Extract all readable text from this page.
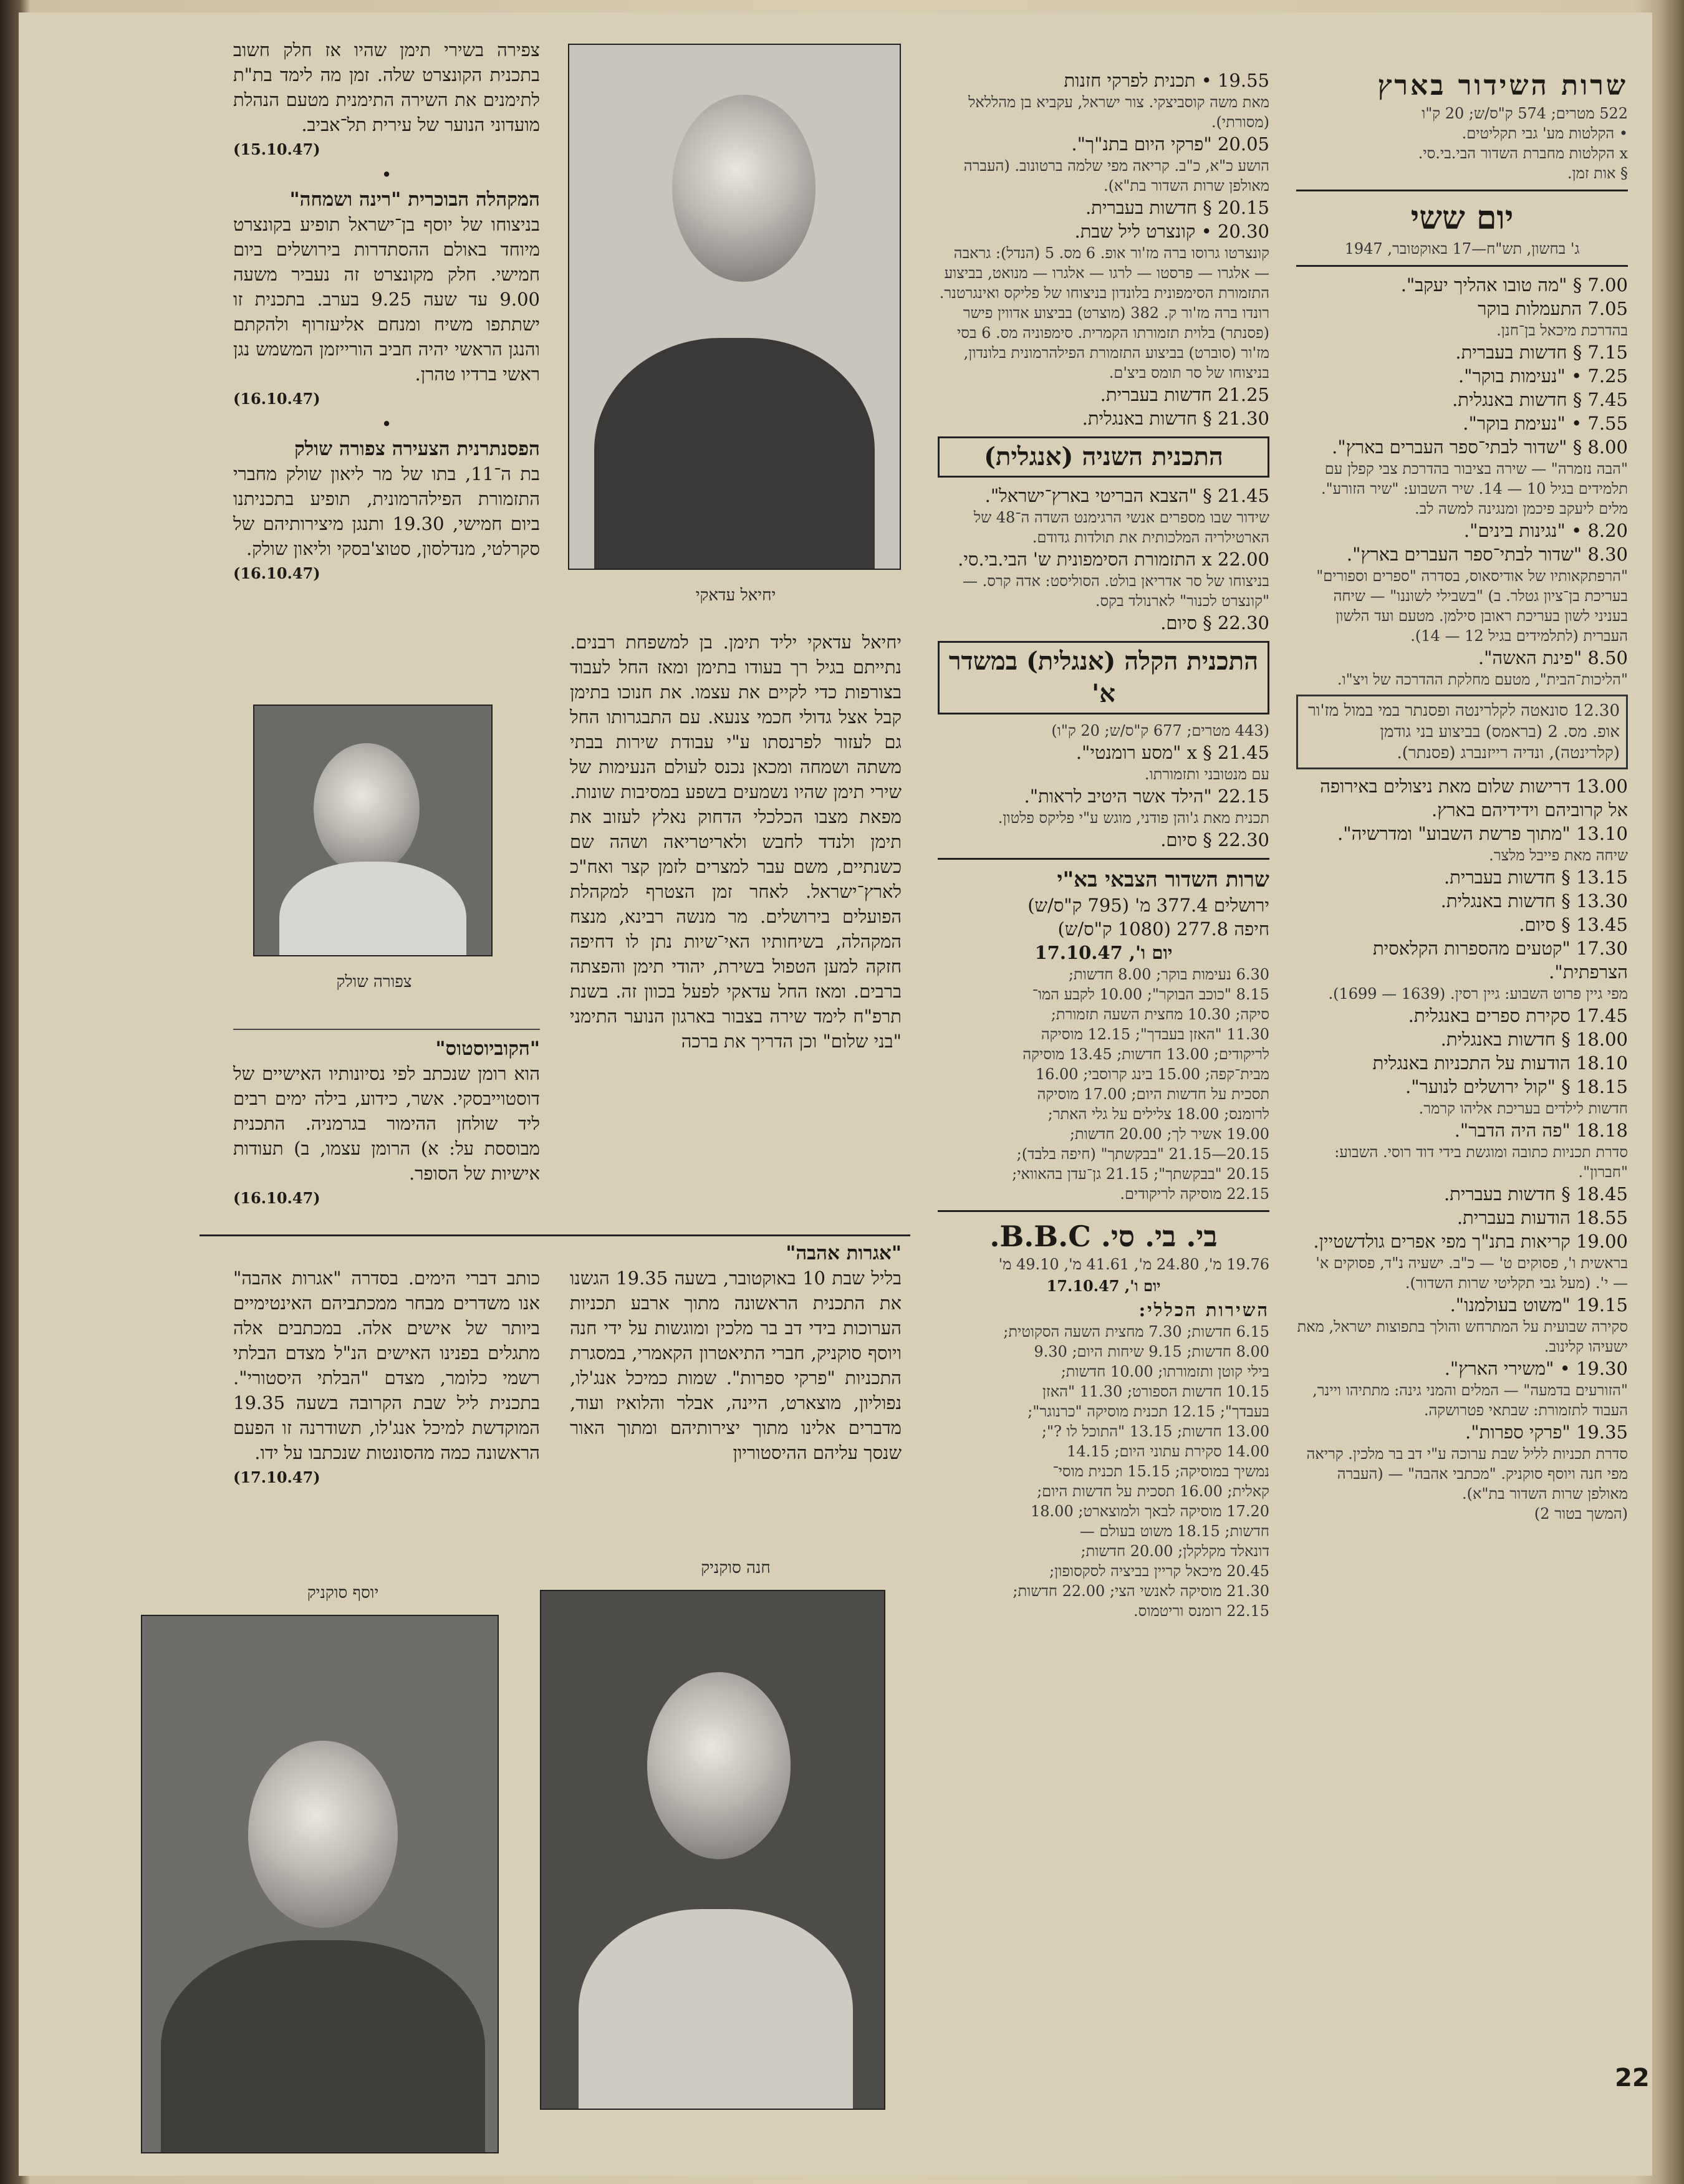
שרות השידור בארץ
522 מטרים; 574 ק"ס/ש; 20 ק"ו
• הקלטות מע' גבי תקליטים.
x הקלטות מחברת השדור הבי.בי.סי.
§ אות זמן.
יום ששי
ג' בחשון, תש"ח—17 באוקטובר, 1947
7.00 § "מה טובו אהליך יעקב".
7.05 התעמלות בוקר
בהדרכת מיכאל בן־חנן.
7.15 § חדשות בעברית.
7.25 • "נעימות בוקר".
7.45 § חדשות באנגלית.
7.55 • "נעימת בוקר".
8.00 § "שדור לבתי־ספר העברים בארץ".
"הבה נזמרה" — שירה בציבור בהדרכת צבי קפלן עם תלמידים בגיל 10 — 14. שיר השבוע: "שיר הזורע". מלים ליעקב פיכמן ומנגינה למשה לב.
8.20 • "נגינות בינים".
8.30 "שדור לבתי־ספר העברים בארץ".
"הרפתקאותיו של אודיסאוס, בסדרה "ספרים וספורים" בעריכת בן־ציון גטלר. ב) "בשבילי לשוננו" — שיחה בעניני לשון בעריכת ראובן סילמן. מטעם ועד הלשון העברית (לתלמידים בגיל 12 — 14).
8.50 "פינת האשה".
"הליכות־הבית", מטעם מחלקת ההדרכה של ויצ"ו.
12.30 סונאטה לקלרינטה ופסנתר במי במול מז'ור אופ. מס. 2 (בראמס) בביצוע בני גודמן (קלרינטה), ונדיה רייזנברג (פסנתר).
13.00 דרישות שלום מאת ניצולים באירופה אל קרוביהם וידידיהם בארץ.
13.10 "מתוך פרשת השבוע" ומדרשיה".
שיחה מאת פייבל מלצר.
13.15 § חדשות בעברית.
13.30 § חדשות באנגלית.
13.45 § סיום.
17.30 "קטעים מהספרות הקלאסית הצרפתית".
מפי גיין פרוט השבוע: גיין רסין. (1639 — 1699).
17.45 סקירת ספרים באנגלית.
18.00 § חדשות באנגלית.
18.10 הודעות על התכניות באנגלית
18.15 § "קול ירושלים לנוער".
חדשות לילדים בעריכת אליהו קרמר.
18.18 "פה היה הדבר".
סדרת תכניות כתובה ומוגשת בידי דוד רוסי. השבוע: "חברון".
18.45 § חדשות בעברית.
18.55 הודעות בעברית.
19.00 קריאות בתנ"ך מפי אפרים גולדשטיין.
בראשית ו', פסוקים ט' — כ"ב. ישעיה נ"ד, פסוקים א' — י'. (מעל גבי תקליטי שרות השדור).
19.15 "משוט בעולמנו".
סקירה שבועית על המתרחש והולך בתפוצות ישראל, מאת ישעיהו קלינוב.
19.30 • "משירי הארץ".
"הזורעים בדמעה" — המלים והמני גינה: מתתיהו ויינר, העבוד לתזמורת: שבתאי פטרושקה.
19.35 "פרקי ספרות".
סדרת תכניות לליל שבת ערוכה ע"י דב בר מלכין. קריאה מפי חנה ויוסף סוקניק. "מכתבי אהבה" — (העברה מאולפן שרות השדור בת"א).
(המשך בטור 2)
19.55 • תכנית לפרקי חזנות
מאת משה קוסביצקי. צור ישראל, עקביא בן מהללאל (מסורתי).
20.05 "פרקי היום בתנ"ך".
הושע כ"א, כ"ב. קריאה מפי שלמה ברטונוב. (העברה מאולפן שרות השדור בת"א).
20.15 § חדשות בעברית.
20.30 • קונצרט ליל שבת.
קונצרטו גרוסו ברה מז'ור אופ. 6 מס. 5 (הנדל): גראבה — אלגרו — פרסטו — לרגו — אלגרו — מנואט, בביצוע התזמורת הסימפונית בלונדון בניצוחו של פליקס ואינגרטנר. רונדו ברה מז'ור ק. 382 (מוצרט) בביצוע אדווין פישר (פסנתר) בלוית תזמורתו הקמרית. סימפוניה מס. 6 בסי מז'ור (סוברט) בביצוע התזמורת הפילהרמונית בלונדון, בניצוחו של סר תומס ביצ'ם.
21.25 חדשות בעברית.
21.30 § חדשות באנגלית.
התכנית השניה (אנגלית)
21.45 § "הצבא הבריטי בארץ־ישראל".
שידור שבו מספרים אנשי הרגימנט השדה ה־48 של הארטילריה המלכותית את תולדות גדודם.
22.00 x התזמורת הסימפונית ש' הבי.בי.סי.
בניצוחו של סר אדריאן בולט. הסוליסט: אדה קרס. — "קונצרט לכנור" לארנולד בקס.
22.30 § סיום.
התכנית הקלה (אנגלית) במשדר א'
(443 מטרים; 677 ק"ס/ש; 20 ק"ו)
21.45 § x "מסע רומנטי".
עם מנטובני ותזמורתו.
22.15 "הילד אשר היטיב לראות".
תכנית מאת ג'והן פודני, מוגש ע"י פליקס פלטון.
22.30 § סיום.
שרות השדור הצבאי בא"י
ירושלים 377.4 מ' (795 ק"ס/ש)
חיפה 277.8 (1080 ק"ס/ש)
יום ו', 17.10.47
6.30 נעימות בוקר; 8.00 חדשות;
8.15 "כוכב הבוקר"; 10.00 לקבע המו־
סיקה; 10.30 מחצית השעה תזמורת;
11.30 "האזן בעבדך"; 12.15 מוסיקה
לריקודים; 13.00 חדשות; 13.45 מוסיקה
מבית־קפה; 15.00 בינג קרוסבי; 16.00
תסכית על חדשות היום; 17.00 מוסיקה
לרומנס; 18.00 צלילים על גלי האתר;
19.00 אשיר לך; 20.00 חדשות;
20.15—21.15 "בבקשתך" (חיפה בלבד);
20.15 "בבקשתך"; 21.15 גן־עדן בהאוואי;
22.15 מוסיקה לריקודים.
בי. בי. סי. B.B.C.
19.76 מ', 24.80 מ', 41.61 מ', 49.10 מ'
יום ו', 17.10.47
השירות הכללי:
6.15 חדשות; 7.30 מחצית השעה הסקוטית;
8.00 חדשות; 9.15 שיחות היום; 9.30
בילי קוטן ותזמורתו; 10.00 חדשות;
10.15 חדשות הספורט; 11.30 "האזן
בעבדך"; 12.15 תכנית מוסיקה "כרנוגר";
13.00 חדשות; 13.15 "התוכל לו ?";
14.00 סקירת עתוני היום; 14.15
נמשיך במוסיקה; 15.15 תכנית מוסי־
קאלית; 16.00 תסכית על חדשות היום;
17.20 מוסיקה לבאך ולמוצארט; 18.00
חדשות; 18.15 משוט בעולם —
דונאלד מקלקלן; 20.00 חדשות;
20.45 מיכאל קריין בביציה לסקסופון;
21.30 מוסיקה לאנשי הצי; 22.00 חדשות;
22.15 רומנס וריטמוס.
יחיאל עדאקי
יחיאל עדאקי יליד תימן. בן למשפחת רבנים. נתייתם בגיל רך בעודו בתימן ומאז החל לעבוד בצורפות כדי לקיים את עצמו. את חנוכו בתימן קבל אצל גדולי חכמי צנעא. עם התבגרותו החל גם לעזור לפרנסתו ע"י עבודת שירות בבתי משתה ושמחה ומכאן נכנס לעולם הנעימות של שירי תימן שהיו נשמעים בשפע במסיבות שונות. מפאת מצבו הכלכלי הדחוק נאלץ לעזוב את תימן ולנדד לחבש ולאריטריאה ושהה שם כשנתיים, משם עבר למצרים לזמן קצר ואח"כ לארץ־ישראל. לאחר זמן הצטרף למקהלת הפועלים בירושלים. מר מנשה רבינא, מנצח המקהלה, בשיחותיו האי־שיות נתן לו דחיפה חזקה למען הטפול בשירת, יהודי תימן והפצתה ברבים. ומאז החל עדאקי לפעל בכוון זה. בשנת תרפ"ח לימד שירה בצבור בארגון הנוער התימני "בני שלום" וכן הדריך את ברכה
צפירה בשירי תימן שהיו אז חלק חשוב בתכנית הקונצרט שלה. זמן מה לימד בת"ת לתימנים את השירה התימנית מטעם הנהלת מועדוני הנוער של עירית תל־אביב.
(15.10.47)
•
המקהלה הבוכרית "רינה ושמחה"
בניצוחו של יוסף בן־ישראל תופיע בקונצרט מיוחד באולם ההסתדרות בירושלים ביום חמישי. חלק מקונצרט זה נעביר משעה 9.00 עד שעה 9.25 בערב. בתכנית זו ישתתפו משיח ומנחם אליעזרוף ולהקתם והנגן הראשי יהיה חביב הורייזמן המשמש נגן ראשי ברדיו טהרן.
(16.10.47)
•
הפסנתרנית הצעירה צפורה שולק
בת ה־11, בתו של מר ליאון שולק מחברי התזמורת הפילהרמונית, תופיע בתכניתנו ביום חמישי, 19.30 ותנגן מיצירותיהם של סקרלטי, מנדלסון, סטוצ'בסקי וליאון שולק.
(16.10.47)
צפורה שולק
"הקוביוסטוס"
הוא רומן שנכתב לפי נסיונותיו האישיים של דוסטוייבסקי. אשר, כידוע, בילה ימים רבים ליד שולחן ההימור בגרמניה. התכנית מבוססת על: א) הרומן עצמו, ב) תעודות אישיות של הסופר.
(16.10.47)
"אגרות אהבה"
בליל שבת 10 באוקטובר, בשעה 19.35 הגשנו את התכנית הראשונה מתוך ארבע תכניות הערוכות בידי דב בר מלכין ומוגשות על ידי חנה ויוסף סוקניק, חברי התיאטרון הקאמרי, במסגרת התכניות "פרקי ספרות". שמות כמיכל אנג'לו, נפוליון, מוצארט, היינה, אבלר והלואיז ועוד, מדברים אלינו מתוך יצירותיהם ומתוך האור שנסך עליהם ההיסטוריון
כותב דברי הימים. בסדרה "אגרות אהבה" אנו משדרים מבחר ממכתביהם האינטימיים ביותר של אישים אלה. במכתבים אלה מתגלים בפנינו האישים הנ"ל מצדם הבלתי רשמי כלומר, מצדם "הבלתי היסטורי". בתכנית ליל שבת הקרובה בשעה 19.35 המוקדשת למיכל אנג'לו, תשודרנה זו הפעם הראשונה כמה מהסונטות שנכתבו על ידו.
(17.10.47)
חנה סוקניק
יוסף סוקניק
22
